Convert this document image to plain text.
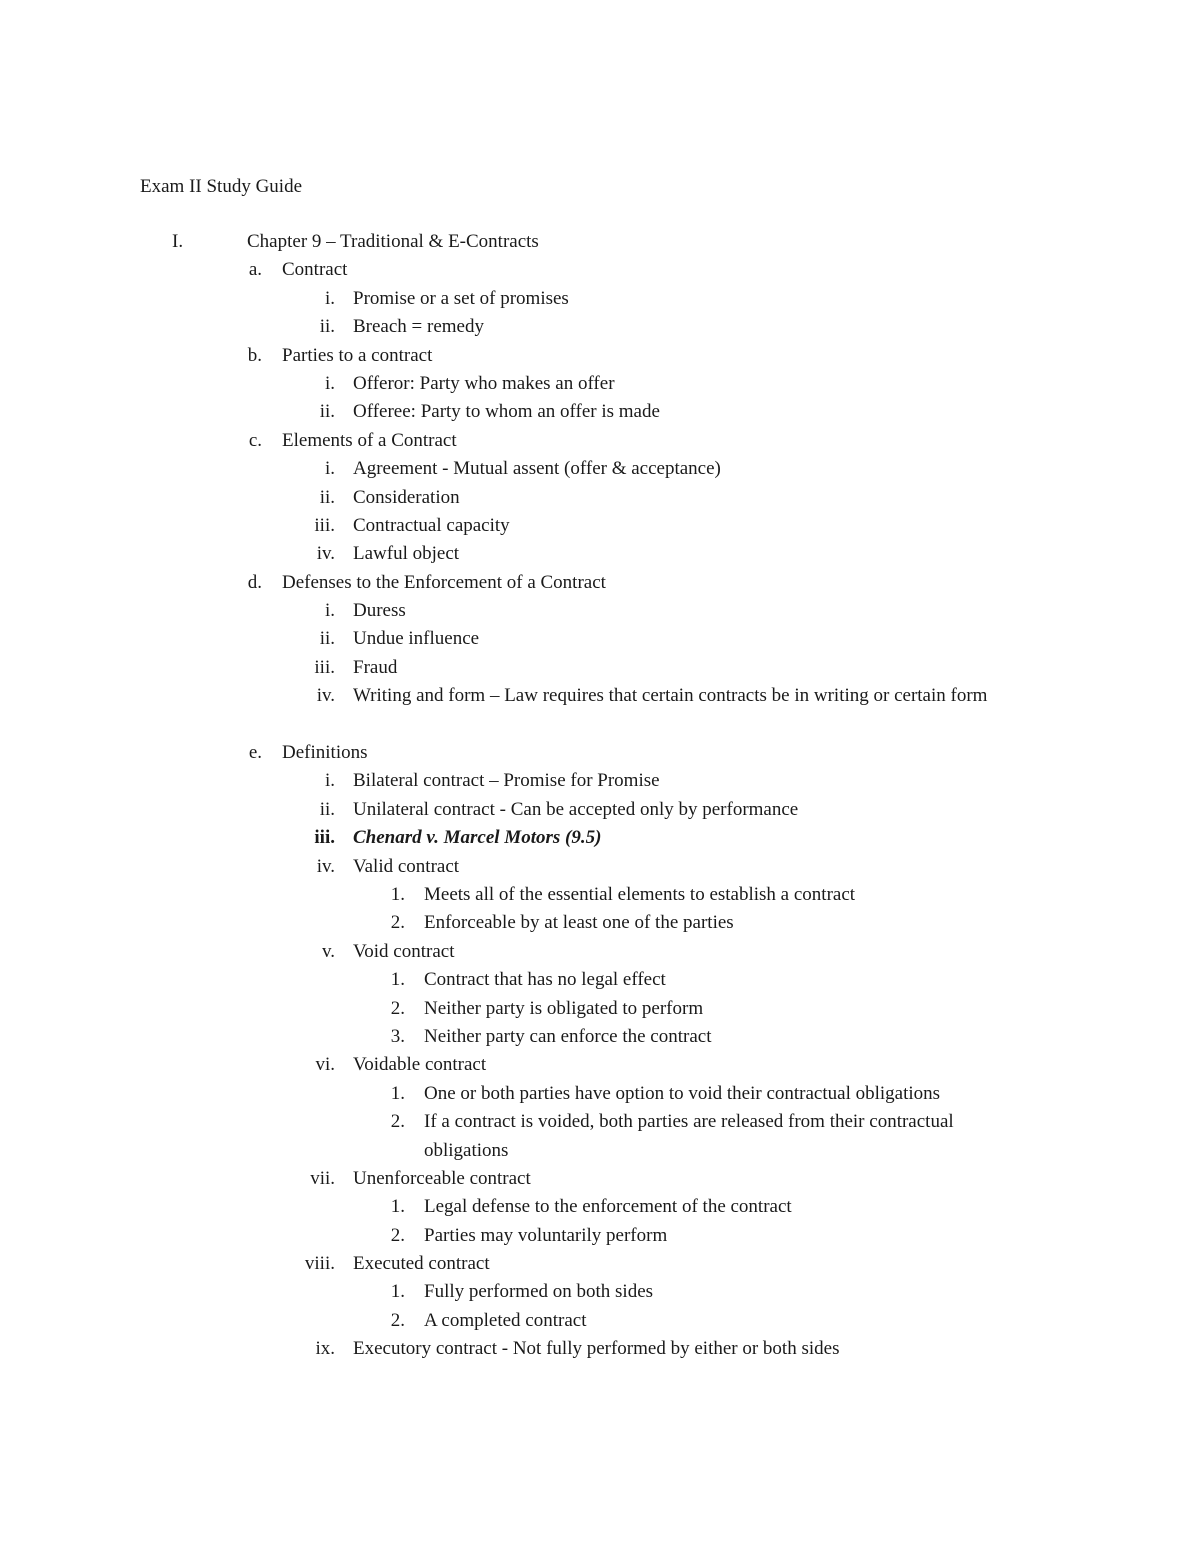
Exam II Study Guide
I.	Chapter 9 – Traditional & E-Contracts
a. Contract
i. Promise or a set of promises
ii. Breach = remedy
b. Parties to a contract
i. Offeror: Party who makes an offer
ii. Offeree: Party to whom an offer is made
c. Elements of a Contract
i. Agreement - Mutual assent (offer & acceptance)
ii. Consideration
iii. Contractual capacity
iv. Lawful object
d. Defenses to the Enforcement of a Contract
i. Duress
ii. Undue influence
iii. Fraud
iv. Writing and form – Law requires that certain contracts be in writing or certain form
e. Definitions
i. Bilateral contract – Promise for Promise
ii. Unilateral contract - Can be accepted only by performance
iii. Chenard v. Marcel Motors (9.5)
iv. Valid contract
1. Meets all of the essential elements to establish a contract
2. Enforceable by at least one of the parties
v. Void contract
1. Contract that has no legal effect
2. Neither party is obligated to perform
3. Neither party can enforce the contract
vi. Voidable contract
1. One or both parties have option to void their contractual obligations
2. If a contract is voided, both parties are released from their contractual obligations
vii. Unenforceable contract
1. Legal defense to the enforcement of the contract
2. Parties may voluntarily perform
viii. Executed contract
1. Fully performed on both sides
2. A completed contract
ix. Executory contract - Not fully performed by either or both sides
